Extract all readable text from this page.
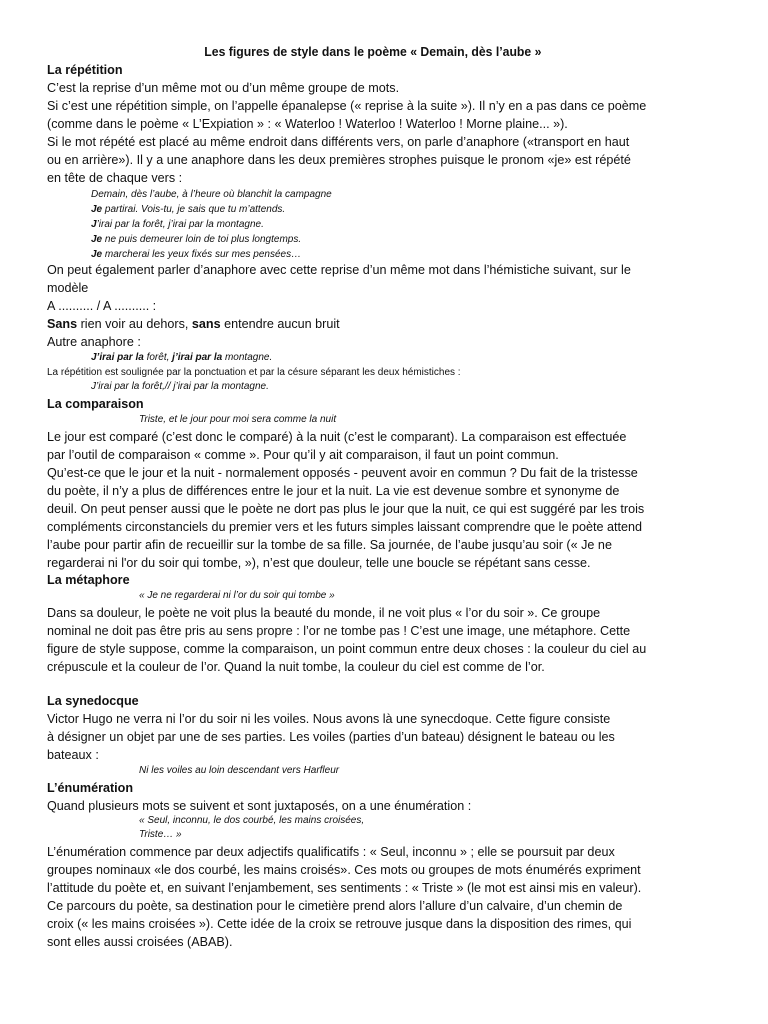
Les figures de style dans le poème « Demain, dès l’aube »
La répétition
C’est la reprise d’un même mot ou d’un même groupe de mots.
Si c’est une répétition simple, on l’appelle épanalepse (« reprise à la suite »). Il n’y en a pas dans ce poème
(comme dans le poème « L’Expiation » : « Waterloo ! Waterloo ! Waterloo ! Morne plaine... »).
Si le mot répété est placé au même endroit dans différents vers, on parle d’anaphore («transport en haut
ou en arrière»). Il y a une anaphore dans les deux premières strophes puisque le pronom «je» est répété
en tête de chaque vers :
Demain, dès l’aube, à l’heure où blanchit la campagne
Je partirai. Vois-tu, je sais que tu m’attends.
J’irai par la forêt, j’irai par la montagne.
Je ne puis demeurer loin de toi plus longtemps.
Je marcherai les yeux fixés sur mes pensées…
On peut également parler d’anaphore avec cette reprise d’un même mot dans l’hémistiche suivant, sur le
modèle
A .......... / A .......... :
Sans rien voir au dehors, sans entendre aucun bruit
Autre anaphore :
J’irai par la forêt, j’irai par la montagne.
La répétition est soulignée par la ponctuation et par la césure séparant les deux hémistiches :
J’irai par la forêt,// j’irai par la montagne.
La comparaison
Triste, et le jour pour moi sera comme la nuit
Le jour est comparé (c’est donc le comparé) à la nuit (c’est le comparant). La comparaison est effectuée
par l’outil de comparaison « comme ». Pour qu’il y ait comparaison, il faut un point commun.
Qu’est-ce que le jour et la nuit - normalement opposés - peuvent avoir en commun ? Du fait de la tristesse
du poète, il n’y a plus de différences entre le jour et la nuit. La vie est devenue sombre et synonyme de
deuil. On peut penser aussi que le poète ne dort pas plus le jour que la nuit, ce qui est suggéré par les trois
compléments circonstanciels du premier vers et les futurs simples laissant comprendre que le poète attend
l’aube pour partir afin de recueillir sur la tombe de sa fille. Sa journée, de l’aube jusqu’au soir (« Je ne
regarderai ni l'or du soir qui tombe, »), n’est que douleur, telle une boucle se répétant sans cesse.
La métaphore
« Je ne regarderai ni l’or du soir qui tombe »
Dans sa douleur, le poète ne voit plus la beauté du monde, il ne voit plus « l’or du soir ». Ce groupe
nominal ne doit pas être pris au sens propre : l’or ne tombe pas ! C’est une image, une métaphore. Cette
figure de style suppose, comme la comparaison, un point commun entre deux choses : la couleur du ciel au
crépuscule et la couleur de l’or. Quand la nuit tombe, la couleur du ciel est comme de l’or.
La synedocque
Victor Hugo ne verra ni l’or du soir ni les voiles. Nous avons là une synecdoque. Cette figure consiste
à désigner un objet par une de ses parties. Les voiles (parties d’un bateau) désignent le bateau ou les
bateaux :
Ni les voiles au loin descendant vers Harfleur
L’énumération
Quand plusieurs mots se suivent et sont juxtaposés, on a une énumération :
« Seul, inconnu, le dos courbé, les mains croisées,
Triste… »
L’énumération commence par deux adjectifs qualificatifs : « Seul, inconnu » ; elle se poursuit par deux
groupes nominaux «le dos courbé, les mains croisés». Ces mots ou groupes de mots énumérés expriment
l’attitude du poète et, en suivant l’enjambement, ses sentiments : « Triste » (le mot est ainsi mis en valeur).
Ce parcours du poète, sa destination pour le cimetière prend alors l’allure d’un calvaire, d’un chemin de
croix (« les mains croisées »). Cette idée de la croix se retrouve jusque dans la disposition des rimes, qui
sont elles aussi croisées (ABAB).
